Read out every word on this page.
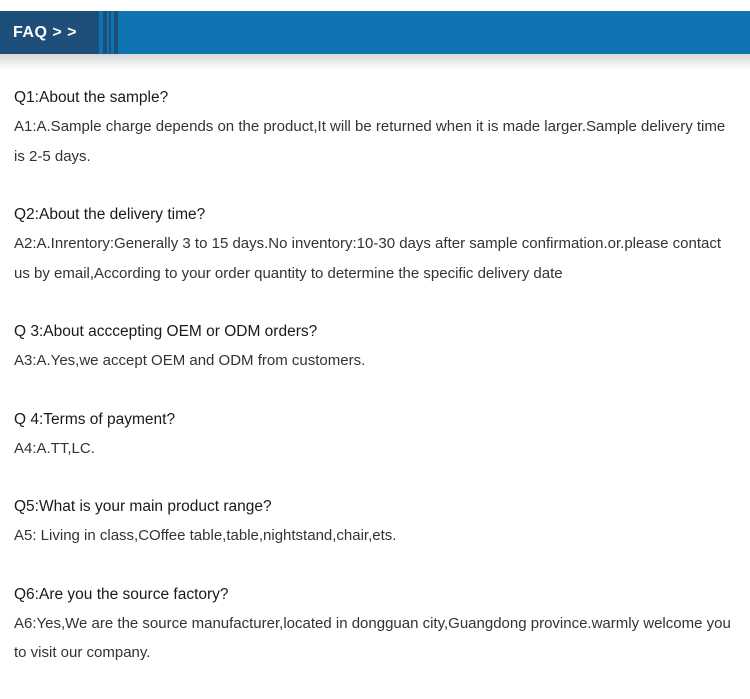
FAQ > >
Q1:About the sample?
A1:A.Sample charge depends on the product,It will be returned when it is made larger.Sample delivery time  is 2-5 days.
Q2:About the delivery time?
A2:A.Inrentory:Generally 3 to 15 days.No inventory:10-30 days after sample confirmation.or.please contact us by email,According to your order quantity to determine the specific delivery date
Q 3:About acccepting OEM or ODM orders?
A3:A.Yes,we accept OEM and ODM from customers.
Q 4:Terms of payment?
A4:A.TT,LC.
Q5:What is your main product range?
A5: Living in class,COffee table,table,nightstand,chair,ets.
Q6:Are you the source factory?
A6:Yes,We are the source manufacturer,located in dongguan city,Guangdong province.warmly welcome you to visit our company.
